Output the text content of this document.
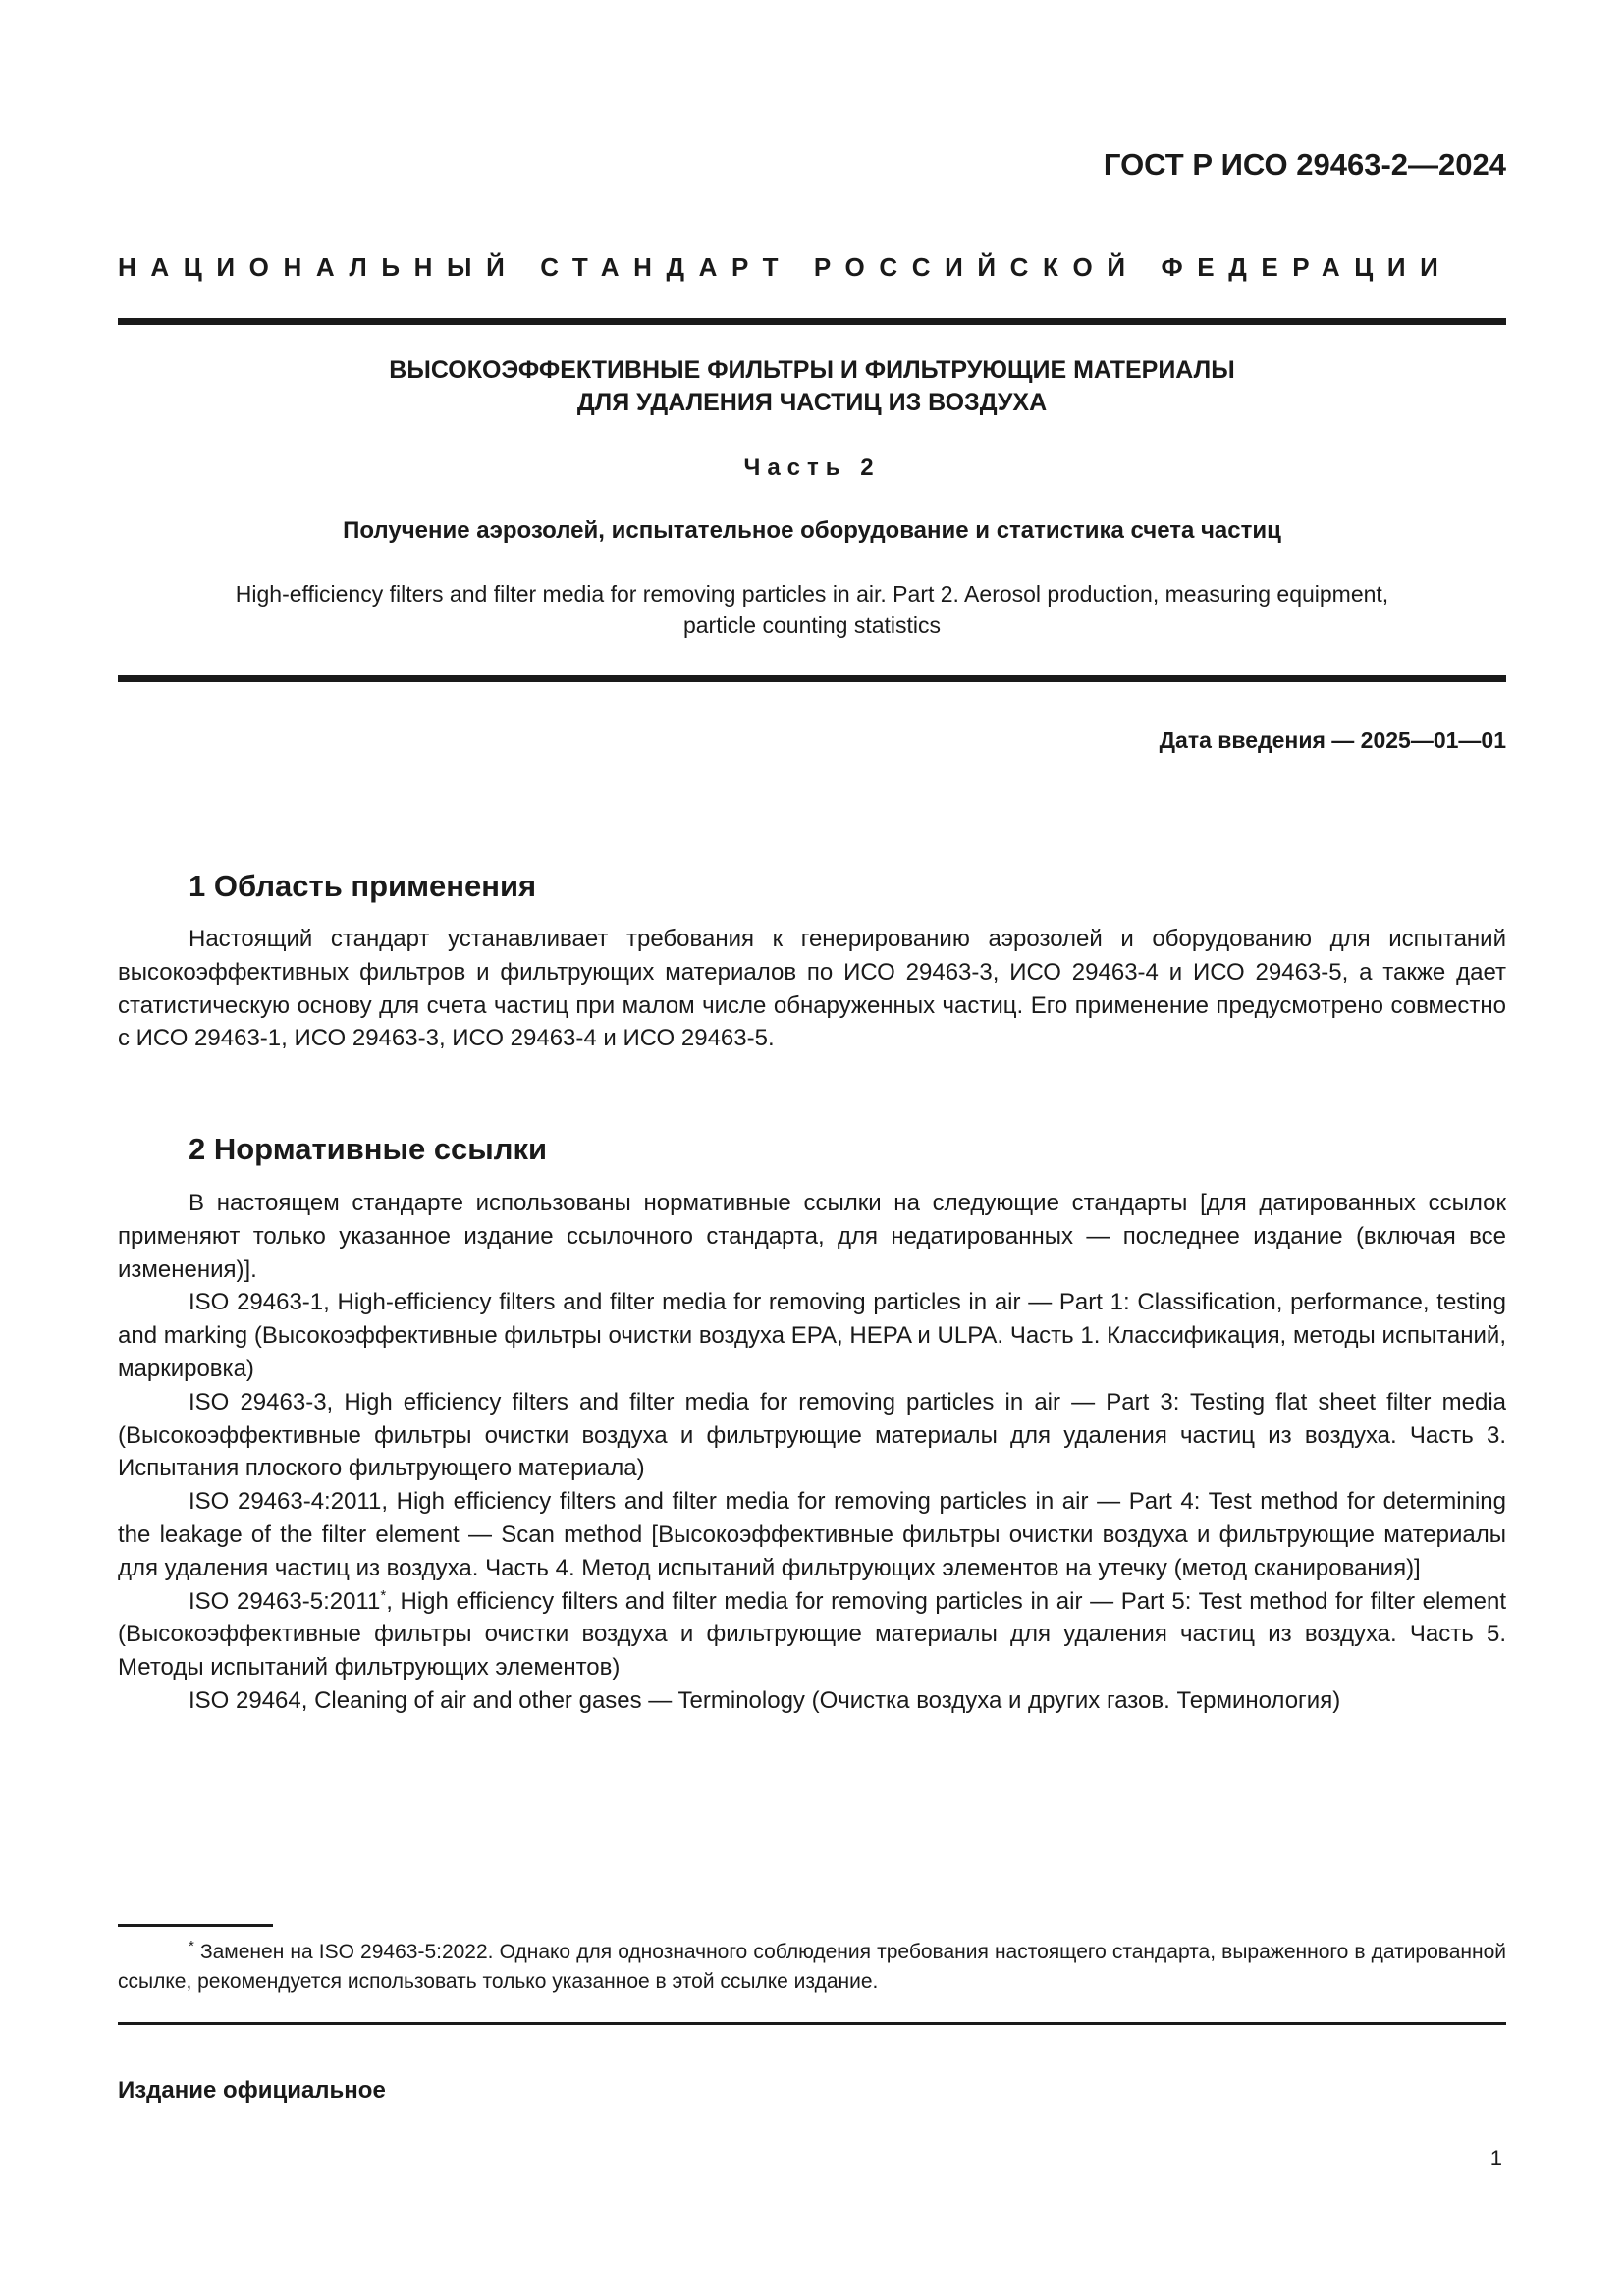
ГОСТ Р ИСО 29463-2—2024
НАЦИОНАЛЬНЫЙ СТАНДАРТ РОССИЙСКОЙ ФЕДЕРАЦИИ
ВЫСОКОЭФФЕКТИВНЫЕ ФИЛЬТРЫ И ФИЛЬТРУЮЩИЕ МАТЕРИАЛЫ
ДЛЯ УДАЛЕНИЯ ЧАСТИЦ ИЗ ВОЗДУХА
Часть 2
Получение аэрозолей, испытательное оборудование и статистика счета частиц
High-efficiency filters and filter media for removing particles in air. Part 2. Aerosol production, measuring equipment,
particle counting statistics
Дата введения — 2025—01—01
1 Область применения

Настоящий стандарт устанавливает требования к генерированию аэрозолей и оборудованию для испытаний высокоэффективных фильтров и фильтрующих материалов по ИСО 29463-3, ИСО 29463-4 и ИСО 29463-5, а также дает статистическую основу для счета частиц при малом числе обнаруженных частиц. Его применение предусмотрено совместно с ИСО 29463-1, ИСО 29463-3, ИСО 29463-4 и ИСО 29463-5.

2 Нормативные ссылки

В настоящем стандарте использованы нормативные ссылки на следующие стандарты [для датированных ссылок применяют только указанное издание ссылочного стандарта, для недатированных — последнее издание (включая все изменения)].

ISO 29463-1, High-efficiency filters and filter media for removing particles in air — Part 1: Classification, performance, testing and marking (Высокоэффективные фильтры очистки воздуха EPA, HEPA и ULPA. Часть 1. Классификация, методы испытаний, маркировка)

ISO 29463-3, High efficiency filters and filter media for removing particles in air — Part 3: Testing flat sheet filter media (Высокоэффективные фильтры очистки воздуха и фильтрующие материалы для удаления частиц из воздуха. Часть 3. Испытания плоского фильтрующего материала)

ISO 29463-4:2011, High efficiency filters and filter media for removing particles in air — Part 4: Test method for determining the leakage of the filter element — Scan method [Высокоэффективные фильтры очистки воздуха и фильтрующие материалы для удаления частиц из воздуха. Часть 4. Метод испытаний фильтрующих элементов на утечку (метод сканирования)]

ISO 29463-5:2011*, High efficiency filters and filter media for removing particles in air — Part 5: Test method for filter element (Высокоэффективные фильтры очистки воздуха и фильтрующие материалы для удаления частиц из воздуха. Часть 5. Методы испытаний фильтрующих элементов)

ISO 29464, Cleaning of air and other gases — Terminology (Очистка воздуха и других газов. Терминология)

* Заменен на ISO 29463-5:2022. Однако для однозначного соблюдения требования настоящего стандарта, выраженного в датированной ссылке, рекомендуется использовать только указанное в этой ссылке издание.

Издание официальное
1
